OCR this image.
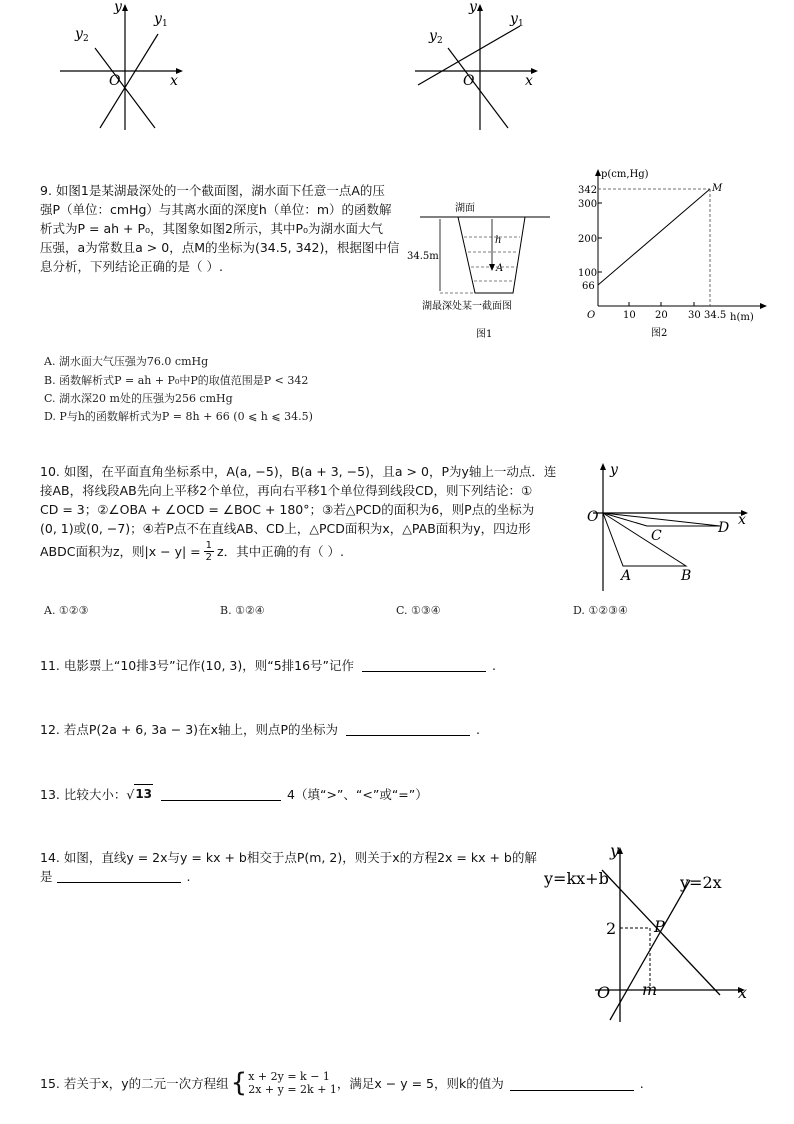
y
y 1
y 2
O	x
y
y 1
y 2
O	x
9. 如图1是某湖最深处的一个截面图，湖水面下任意一点A的压
强P（单位：cmHg）与其离水面的深度h（单位：m）的函数解
析式为P = ah + P₀，其图象如图2所示，其中P₀为湖水面大气
压强，a为常数且a > 0，点M的坐标为(34.5, 342)，根据图中信
息分析，下列结论正确的是（ ）.
湖面
34.5m
h
A
湖最深处某一截面图
图1
p(cm,Hg)
342
300
200
100
66
10 20 30 34.5
O	h(m)
M
图2
A. 湖水面大气压强为76.0 cmHg
B. 函数解析式P = ah + P₀中P的取值范围是P < 342
C. 湖水深20 m处的压强为256 cmHg
D. P与h的函数解析式为P = 8h + 66 (0 ⩽ h ⩽ 34.5)
10. 如图，在平面直角坐标系中，A(a, −5)，B(a + 3, −5)，且a > 0，P为y轴上一动点．连
接AB，将线段AB先向上平移2个单位，再向右平移1个单位得到线段CD，则下列结论：①
CD = 3；②∠OBA + ∠OCD = ∠BOC + 180°；③若△PCD的面积为6，则P点的坐标为
(0, 1)或(0, −7)；④若P点不在直线AB、CD上，△PCD面积为x，△PAB面积为y，四边形
ABDC面积为z，则$|x - y| = \frac{1}{2}$ z．其中正确的有（ ）.
y
x
O
C	D
A	B
A. ①②③	B. ①②④	C. ①③④	D. ①②③④
11. 电影票上“10排3号”记作(10, 3)，则“5排16号”记作	.
12. 若点P(2a + 6, 3a − 3)在x轴上，则点P的坐标为	.
13. 比较大小： √ 13	4（填“>”、“<”或“=”）
14. 如图，直线y = 2x与y = kx + b相交于点P(m, 2)，则关于x的方程2x = kx + b的解
是	.
y
y=kx+b	y=2x
2 P
O m	x
15. 若关于x，y的二元一次方程组 { x + 2y = k − 1
2x + y = 2k + 1 ，满足x − y = 5，则k的值为	.
